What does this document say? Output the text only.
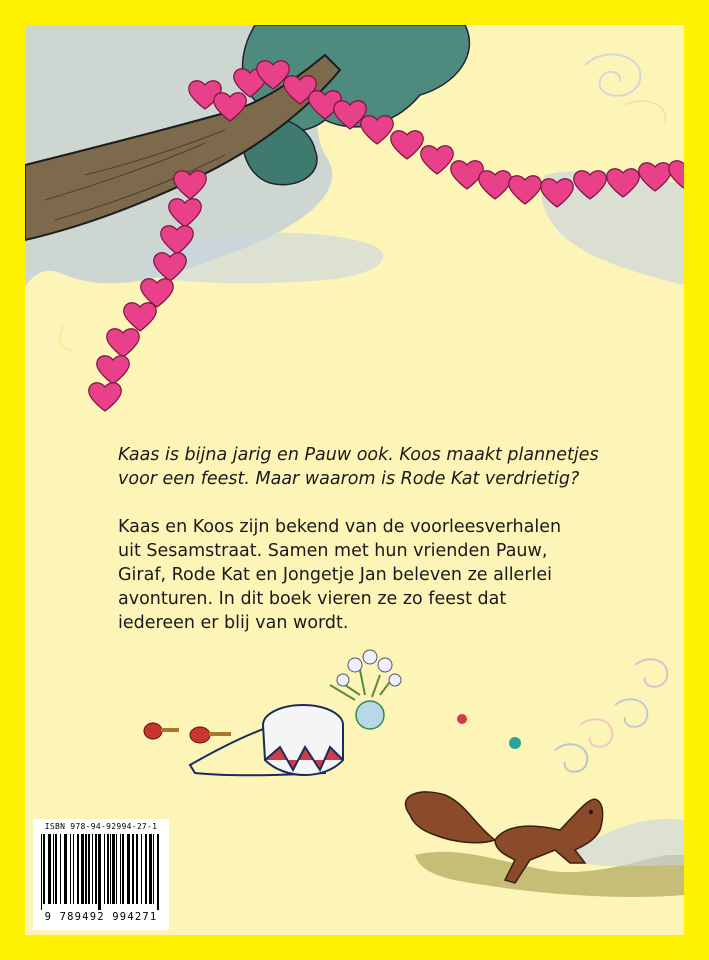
Kaas is bijna jarig en Pauw ook. Koos maakt plannetjes
voor een feest. Maar waarom is Rode Kat verdrietig?
Kaas en Koos zijn bekend van de voorleesverhalen
uit Sesamstraat. Samen met hun vrienden Pauw,
Giraf, Rode Kat en Jongetje Jan beleven ze allerlei
avonturen. In dit boek vieren ze zo feest dat
iedereen er blij van wordt.
ISBN 978-94-92994-27-1
9 789492 994271
